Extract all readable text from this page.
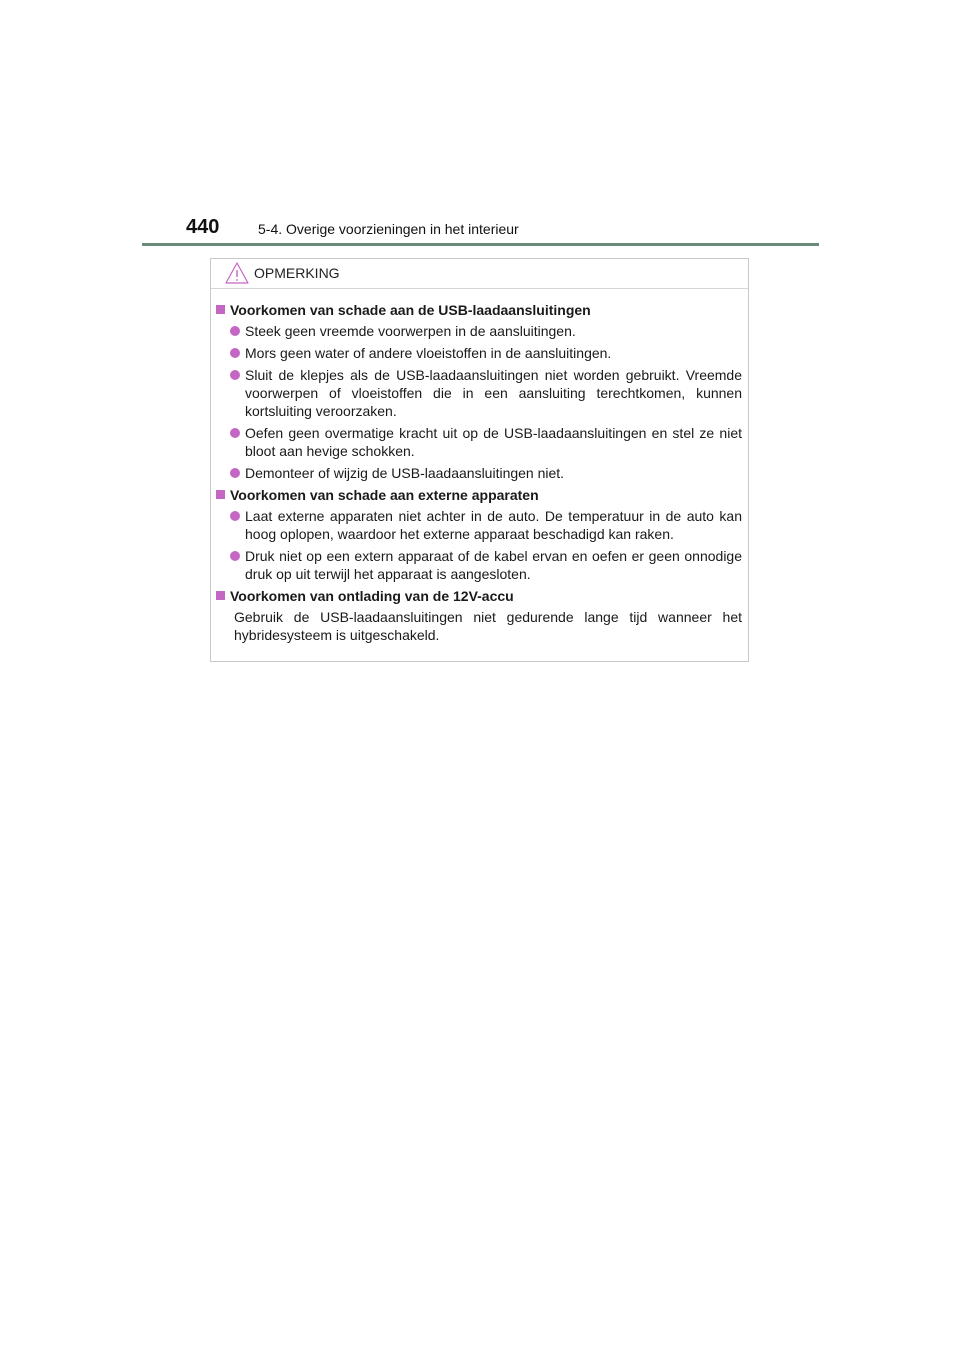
440	5-4. Overige voorzieningen in het interieur
OPMERKING
Voorkomen van schade aan de USB-laadaansluitingen
Steek geen vreemde voorwerpen in de aansluitingen.
Mors geen water of andere vloeistoffen in de aansluitingen.
Sluit de klepjes als de USB-laadaansluitingen niet worden gebruikt. Vreemde voorwerpen of vloeistoffen die in een aansluiting terechtkomen, kunnen kortsluiting veroorzaken.
Oefen geen overmatige kracht uit op de USB-laadaansluitingen en stel ze niet bloot aan hevige schokken.
Demonteer of wijzig de USB-laadaansluitingen niet.
Voorkomen van schade aan externe apparaten
Laat externe apparaten niet achter in de auto. De temperatuur in de auto kan hoog oplopen, waardoor het externe apparaat beschadigd kan raken.
Druk niet op een extern apparaat of de kabel ervan en oefen er geen onnodige druk op uit terwijl het apparaat is aangesloten.
Voorkomen van ontlading van de 12V-accu

Gebruik de USB-laadaansluitingen niet gedurende lange tijd wanneer het hybridesysteem is uitgeschakeld.
